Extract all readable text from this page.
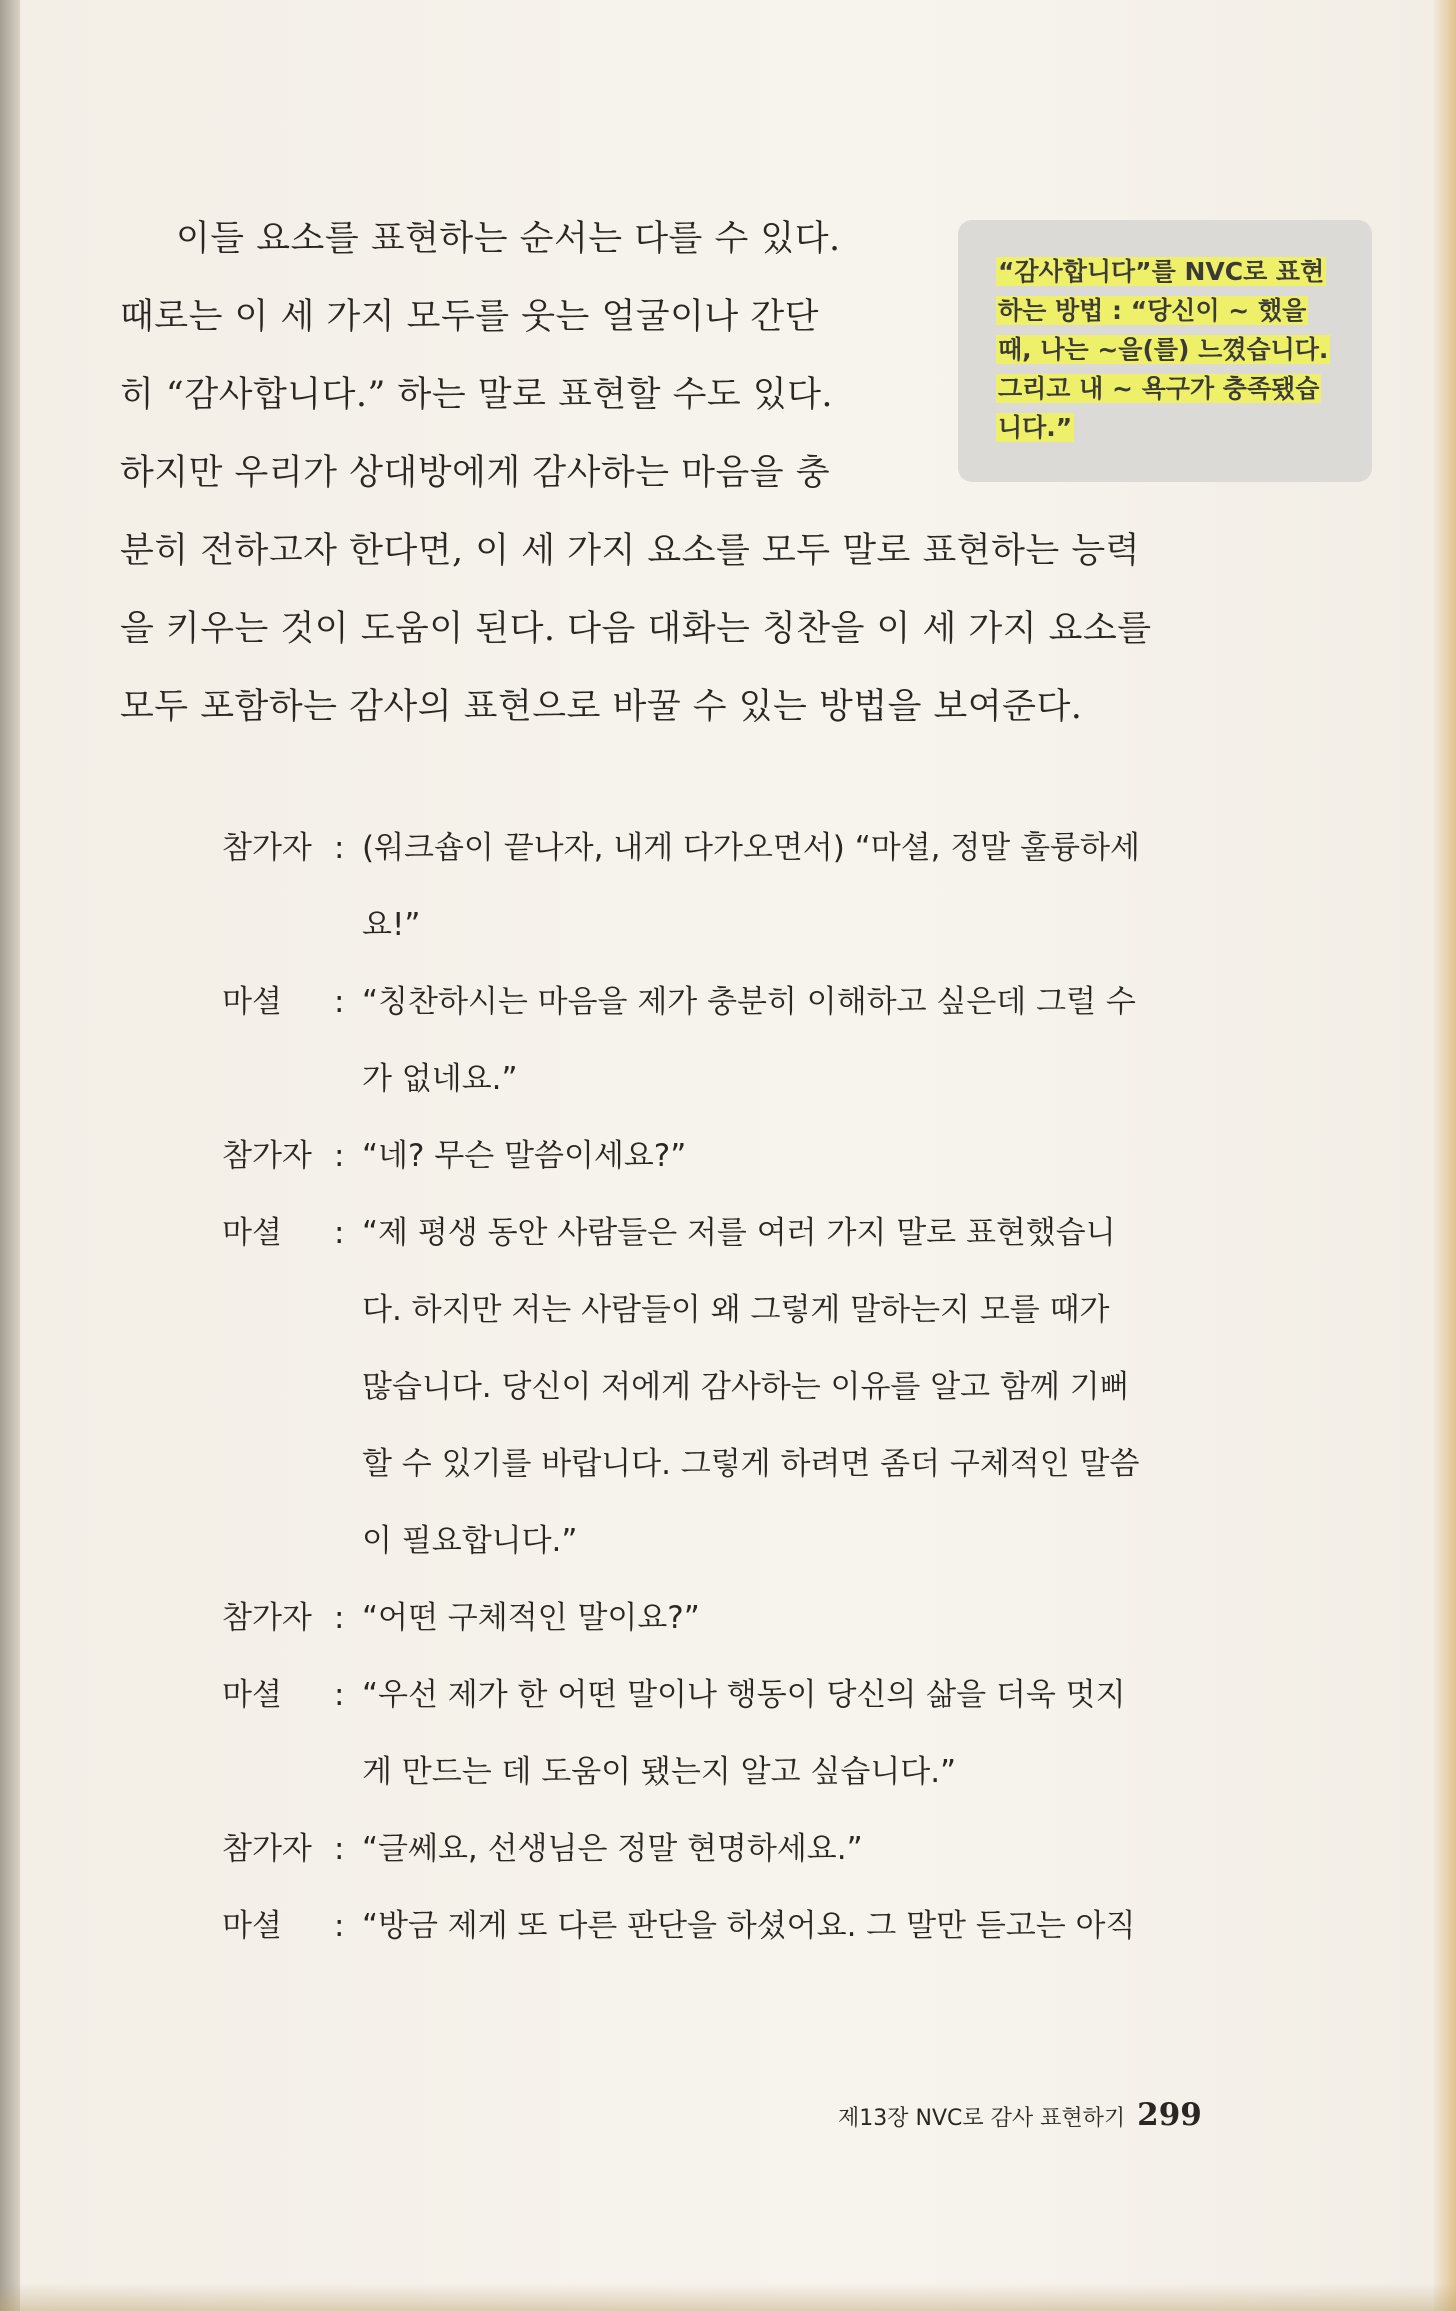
이들 요소를 표현하는 순서는 다를 수 있다.
때로는 이 세 가지 모두를 웃는 얼굴이나 간단
히 “감사합니다.” 하는 말로 표현할 수도 있다.
하지만 우리가 상대방에게 감사하는 마음을 충
분히 전하고자 한다면, 이 세 가지 요소를 모두 말로 표현하는 능력
을 키우는 것이 도움이 된다. 다음 대화는 칭찬을 이 세 가지 요소를
모두 포함하는 감사의 표현으로 바꿀 수 있는 방법을 보여준다.
“감사합니다”를 NVC로 표현
하는 방법 : “당신이 ~ 했을
때, 나는 ~을(를) 느꼈습니다.
그리고 내 ~ 욕구가 충족됐습
니다.”
참가자 : (워크숍이 끝나자, 내게 다가오면서) “마셜, 정말 훌륭하세
요!”
마셜	: “칭찬하시는 마음을 제가 충분히 이해하고 싶은데 그럴 수
가 없네요.”
참가자 : “네? 무슨 말씀이세요?”
마셜	: “제 평생 동안 사람들은 저를 여러 가지 말로 표현했습니
다. 하지만 저는 사람들이 왜 그렇게 말하는지 모를 때가
많습니다. 당신이 저에게 감사하는 이유를 알고 함께 기뻐
할 수 있기를 바랍니다. 그렇게 하려면 좀더 구체적인 말씀
이 필요합니다.”
참가자 : “어떤 구체적인 말이요?”
마셜	: “우선 제가 한 어떤 말이나 행동이 당신의 삶을 더욱 멋지
게 만드는 데 도움이 됐는지 알고 싶습니다.”
참가자 : “글쎄요, 선생님은 정말 현명하세요.”
마셜	: “방금 제게 또 다른 판단을 하셨어요. 그 말만 듣고는 아직
제13장 NVC로 감사 표현하기 299
